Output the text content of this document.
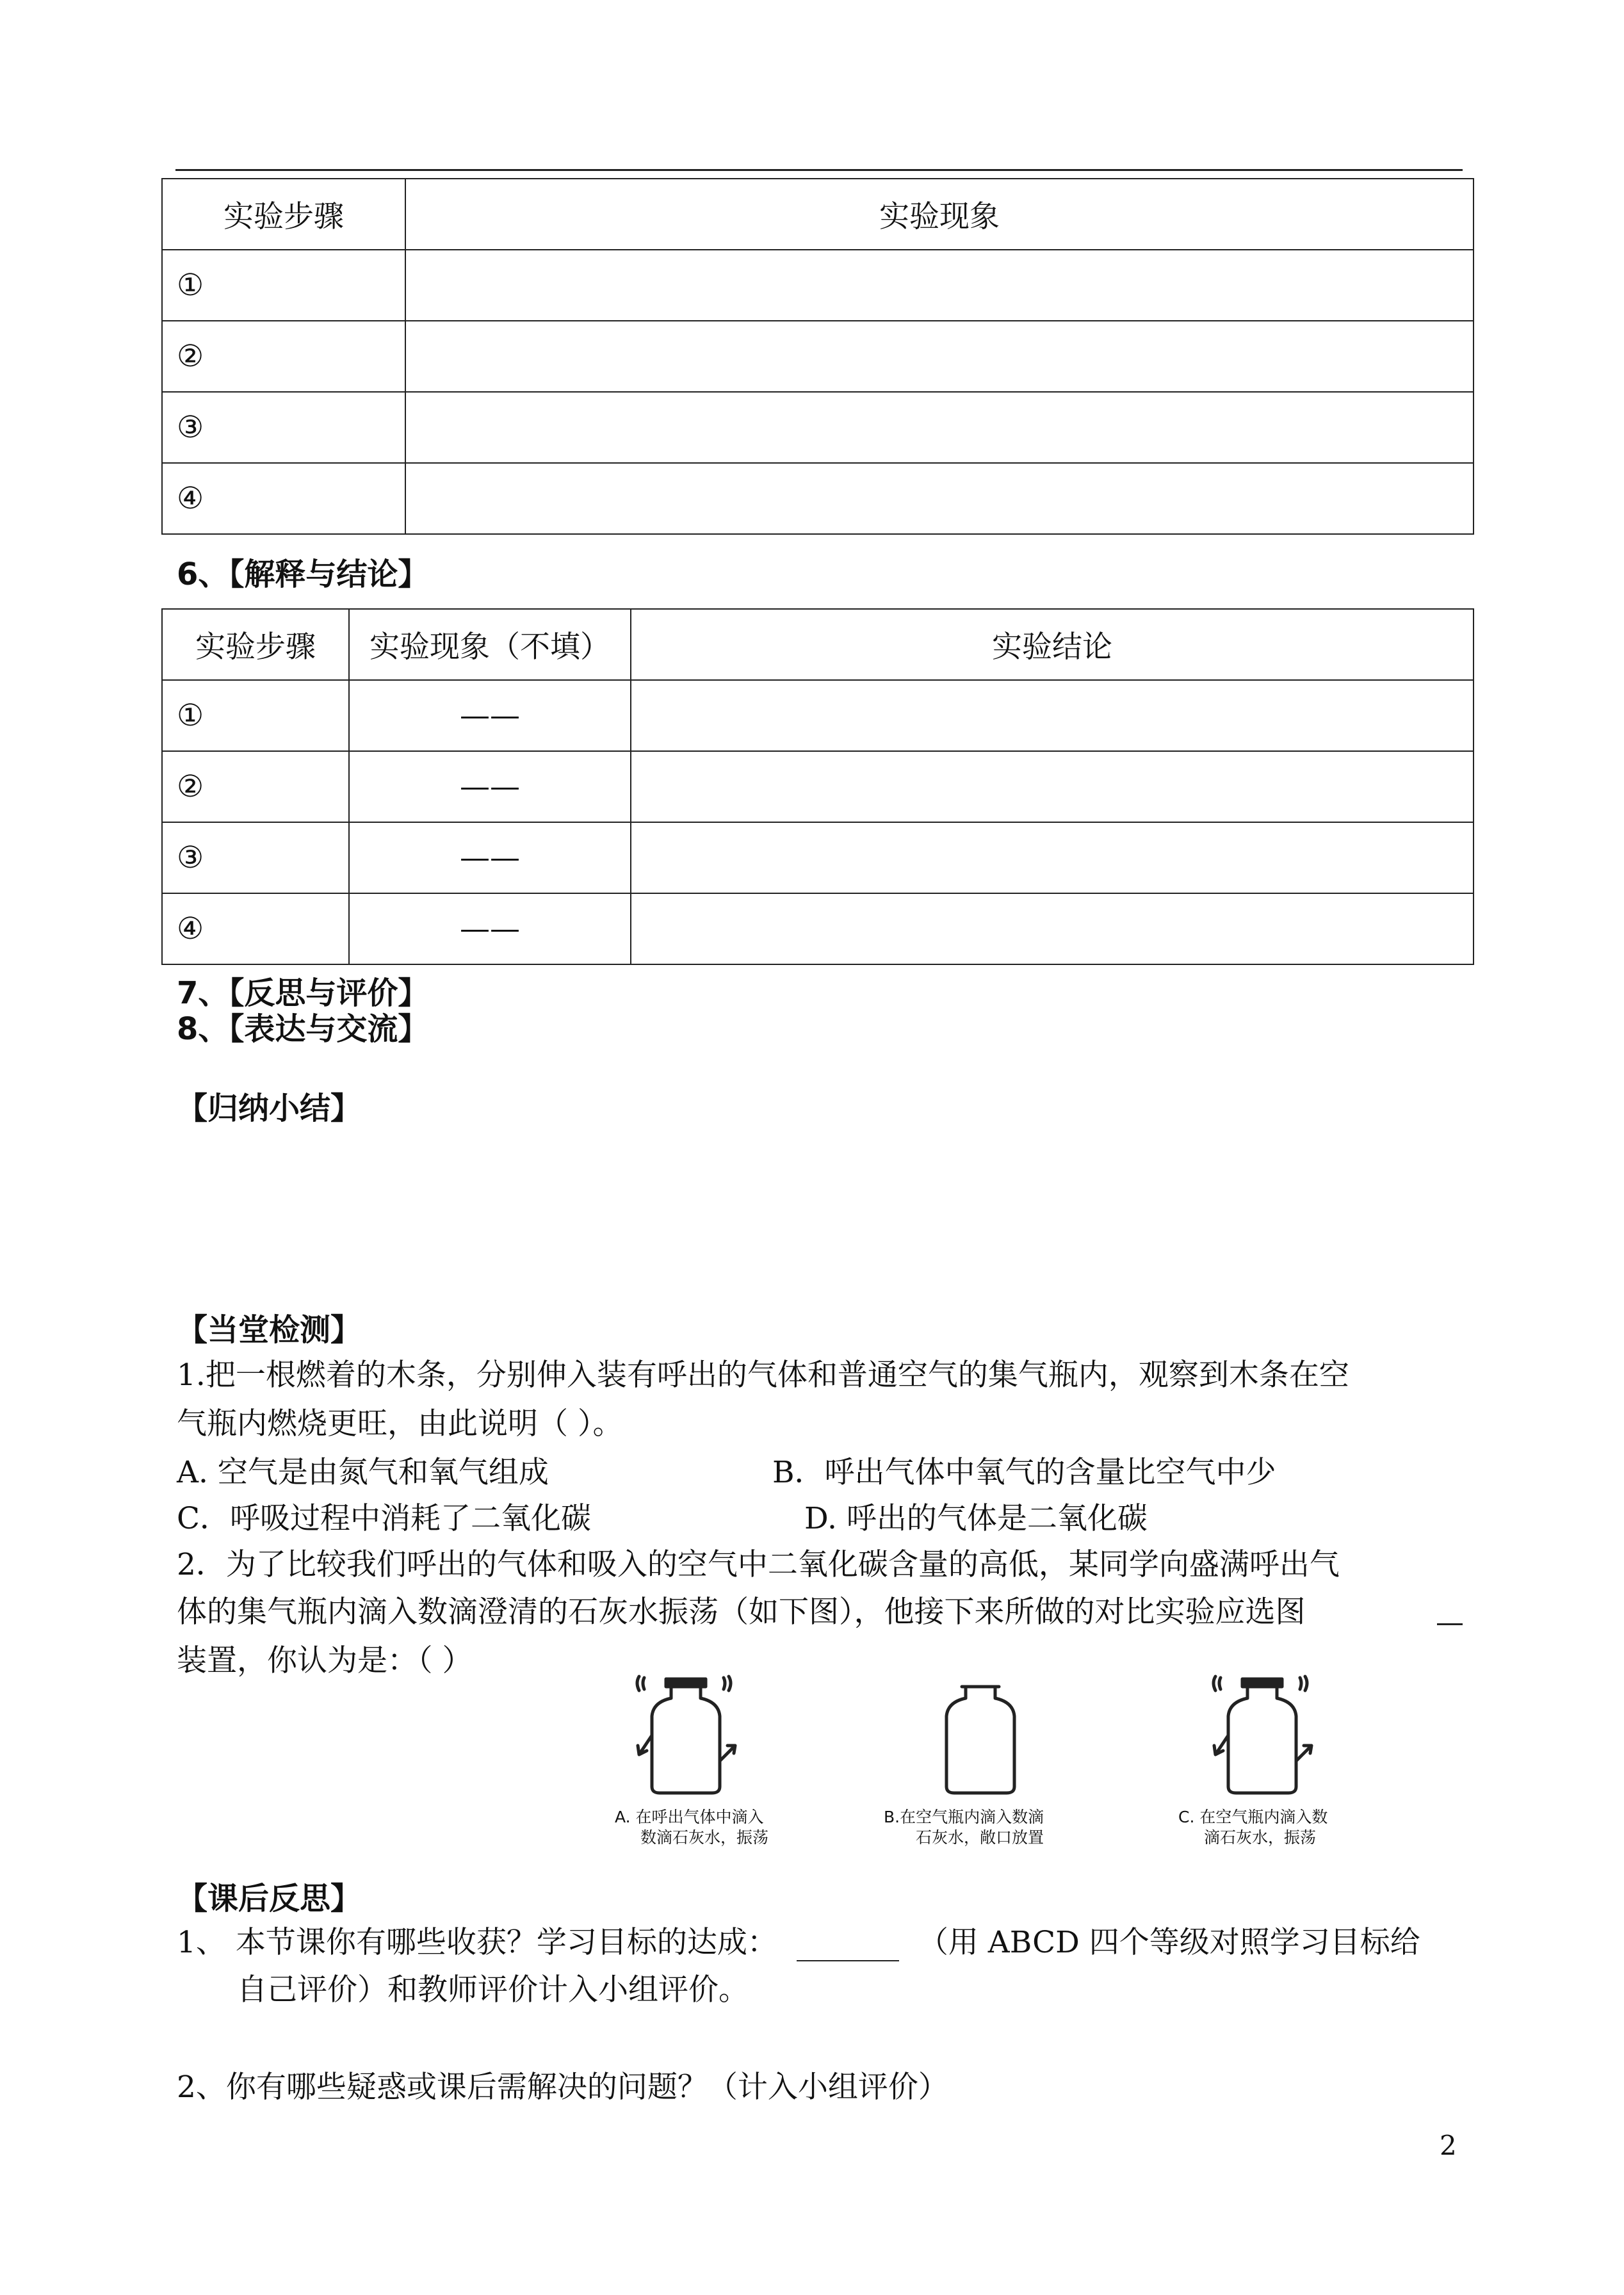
实验步骤	实验现象
①	
②	
③	
④	
6、【解释与结论】
实验步骤	实验现象（不填）	实验结论
①	——	
②	——	
③	——	
④	——	
7、【反思与评价】
8、【表达与交流】
【归纳小结】
【当堂检测】
1.把一根燃着的木条，分别伸入装有呼出的气体和普通空气的集气瓶内，观察到木条在空
气瓶内燃烧更旺，由此说明（ ）。
A. 空气是由氮气和氧气组成	B．呼出气体中氧气的含量比空气中少
C．呼吸过程中消耗了二氧化碳	D. 呼出的气体是二氧化碳
2．为了比较我们呼出的气体和吸入的空气中二氧化碳含量的高低，某同学向盛满呼出气
体的集气瓶内滴入数滴澄清的石灰水振荡（如下图），他接下来所做的对比实验应选图
装置，你认为是：（ ）
A. 在呼出气体中滴入
数滴石灰水，振荡
B.在空气瓶内滴入数滴
石灰水，敞口放置
C. 在空气瓶内滴入数
滴石灰水，振荡
【课后反思】
1、 本节课你有哪些收获？学习目标的达成：	（用 ABCD 四个等级对照学习目标给
自己评价）和教师评价计入小组评价。
2、你有哪些疑惑或课后需解决的问题？（计入小组评价）
2
